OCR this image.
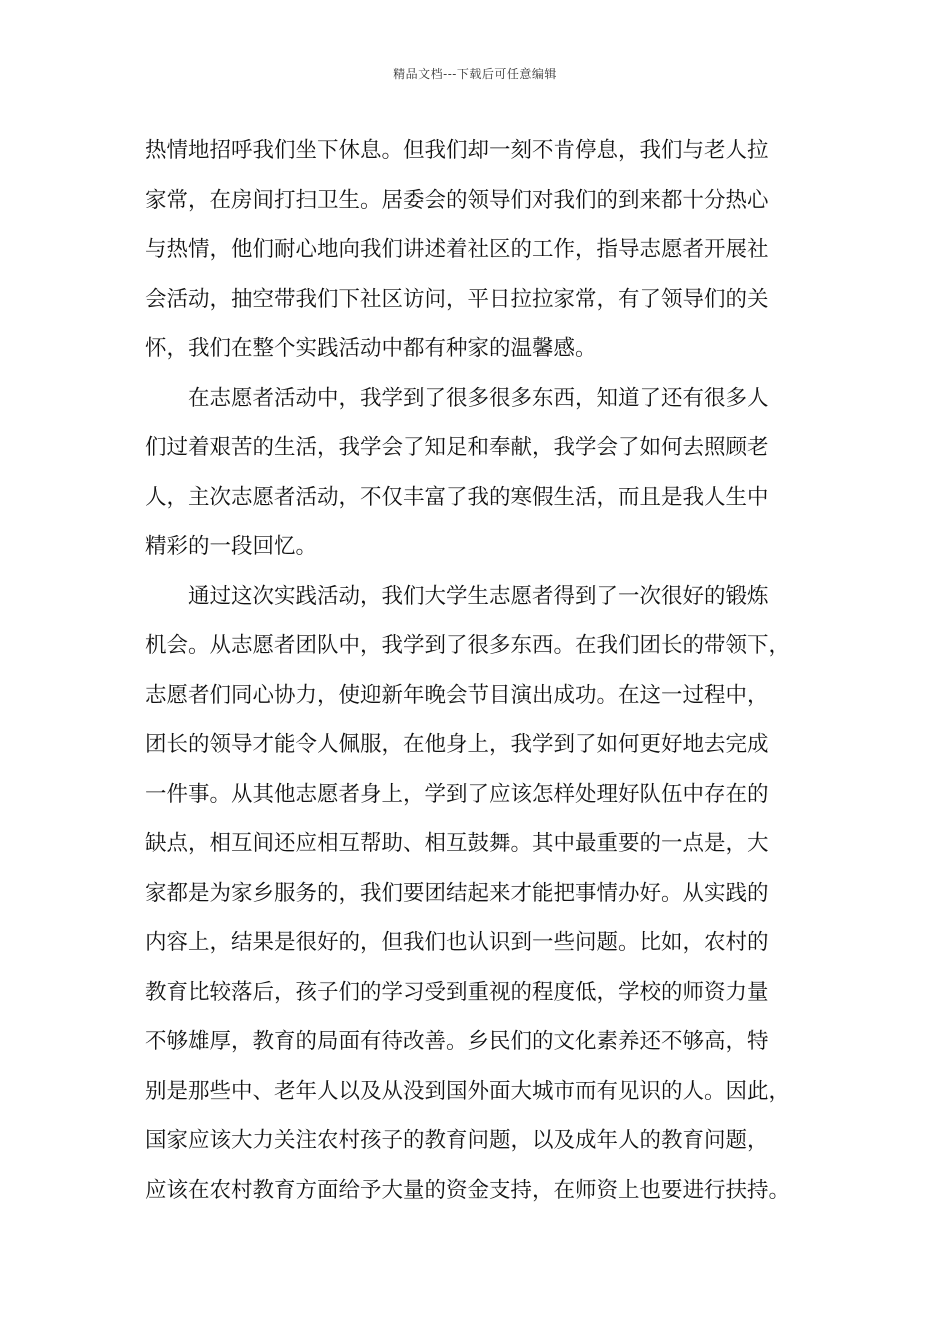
精品文档---下载后可任意编辑
热情地招呼我们坐下休息。但我们却一刻不肯停息，我们与老人拉
家常，在房间打扫卫生。居委会的领导们对我们的到来都十分热心
与热情，他们耐心地向我们讲述着社区的工作，指导志愿者开展社
会活动，抽空带我们下社区访问，平日拉拉家常，有了领导们的关
怀，我们在整个实践活动中都有种家的温馨感。
在志愿者活动中，我学到了很多很多东西，知道了还有很多人
们过着艰苦的生活，我学会了知足和奉献，我学会了如何去照顾老
人，主次志愿者活动，不仅丰富了我的寒假生活，而且是我人生中
精彩的一段回忆。
通过这次实践活动，我们大学生志愿者得到了一次很好的锻炼
机会。从志愿者团队中，我学到了很多东西。在我们团长的带领下，
志愿者们同心协力，使迎新年晚会节目演出成功。在这一过程中，
团长的领导才能令人佩服，在他身上，我学到了如何更好地去完成
一件事。从其他志愿者身上，学到了应该怎样处理好队伍中存在的
缺点，相互间还应相互帮助、相互鼓舞。其中最重要的一点是，大
家都是为家乡服务的，我们要团结起来才能把事情办好。从实践的
内容上，结果是很好的，但我们也认识到一些问题。比如，农村的
教育比较落后，孩子们的学习受到重视的程度低，学校的师资力量
不够雄厚，教育的局面有待改善。乡民们的文化素养还不够高，特
别是那些中、老年人以及从没到国外面大城市而有见识的人。因此，
国家应该大力关注农村孩子的教育问题，以及成年人的教育问题，
应该在农村教育方面给予大量的资金支持，在师资上也要进行扶持。
